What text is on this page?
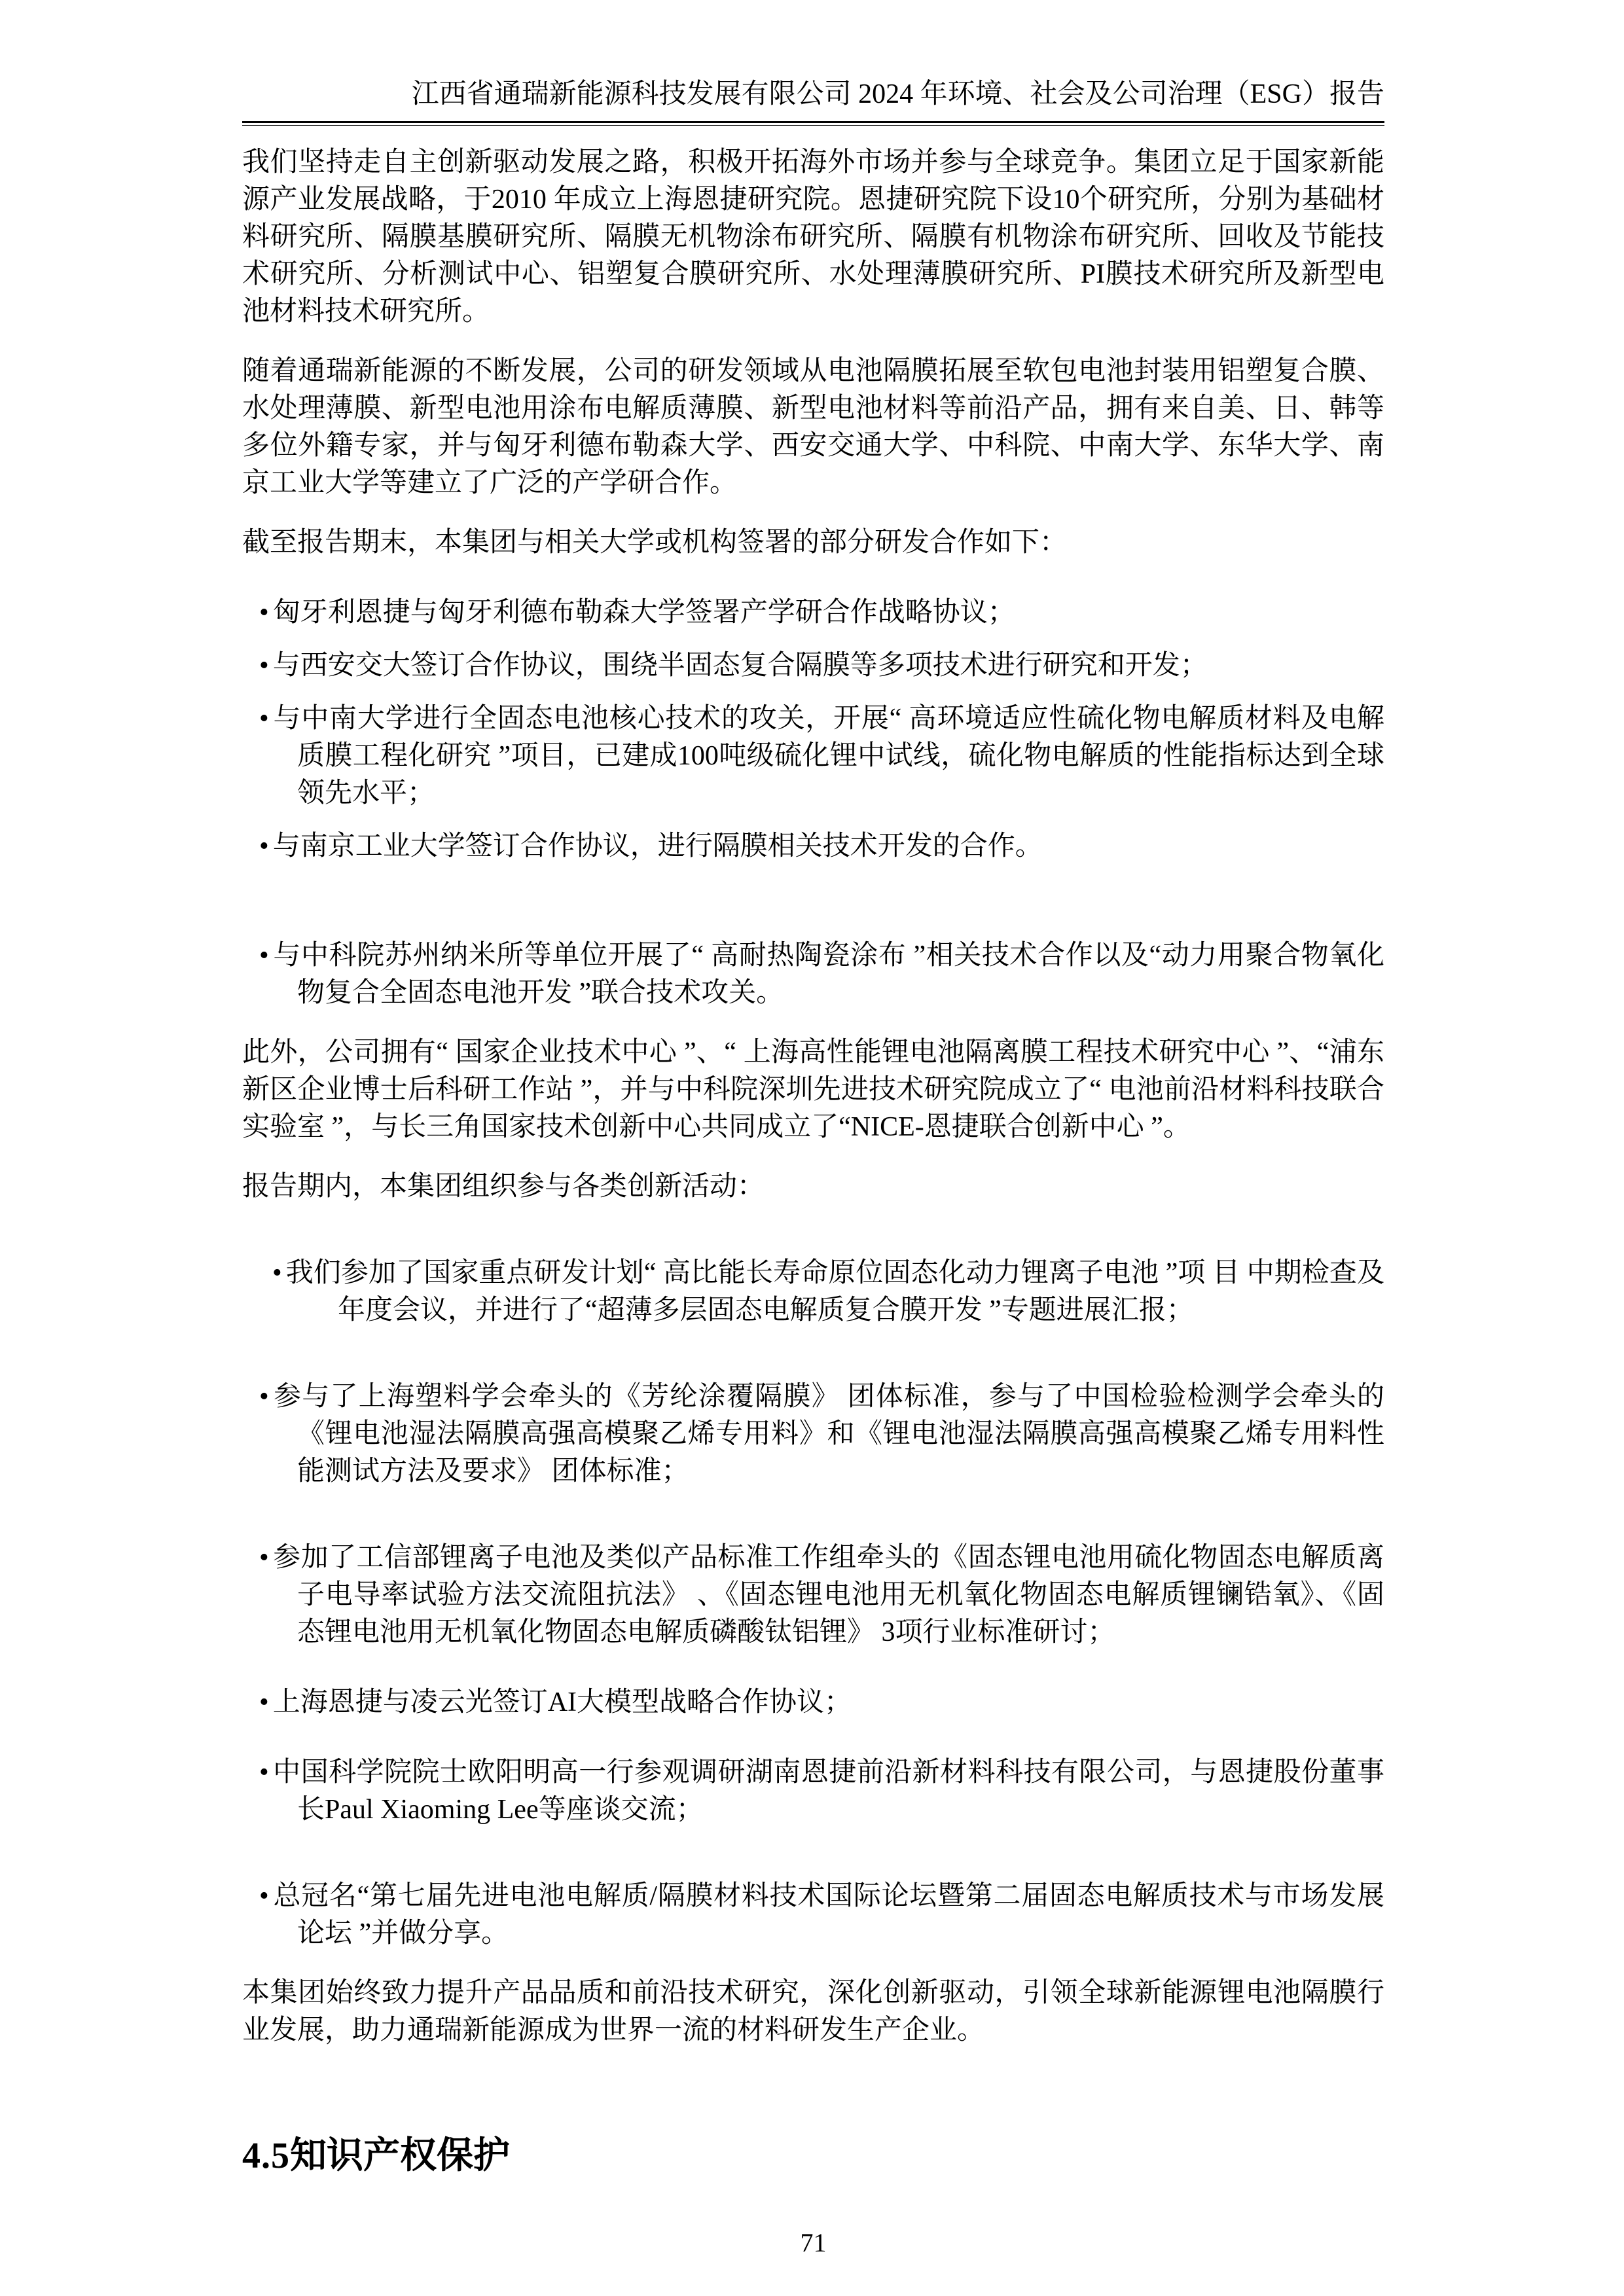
江西省通瑞新能源科技发展有限公司 2024 年环境、社会及公司治理（ESG）报告
我们坚持走自主创新驱动发展之路，积极开拓海外市场并参与全球竞争。集团立足于国家新能源产业发展战略，于2010 年成立上海恩捷研究院。恩捷研究院下设10个研究所，分别为基础材料研究所、隔膜基膜研究所、隔膜无机物涂布研究所、隔膜有机物涂布研究所、回收及节能技术研究所、分析测试中心、铝塑复合膜研究所、水处理薄膜研究所、PI膜技术研究所及新型电池材料技术研究所。
随着通瑞新能源的不断发展，公司的研发领域从电池隔膜拓展至软包电池封装用铝塑复合膜、水处理薄膜、新型电池用涂布电解质薄膜、新型电池材料等前沿产品，拥有来自美、日、韩等多位外籍专家，并与匈牙利德布勒森大学、西安交通大学、中科院、中南大学、东华大学、南京工业大学等建立了广泛的产学研合作。
截至报告期末，本集团与相关大学或机构签署的部分研发合作如下：
• 匈牙利恩捷与匈牙利德布勒森大学签署产学研合作战略协议；
• 与西安交大签订合作协议，围绕半固态复合隔膜等多项技术进行研究和开发；
• 与中南大学进行全固态电池核心技术的攻关，开展“ 高环境适应性硫化物电解质材料及电解质膜工程化研究 ”项目，已建成100吨级硫化锂中试线，硫化物电解质的性能指标达到全球领先水平；
• 与南京工业大学签订合作协议，进行隔膜相关技术开发的合作。
• 与中科院苏州纳米所等单位开展了“ 高耐热陶瓷涂布 ”相关技术合作以及“动力用聚合物氧化物复合全固态电池开发 ”联合技术攻关。
此外，公司拥有“ 国家企业技术中心 ”、“ 上海高性能锂电池隔离膜工程技术研究中心 ”、“浦东新区企业博士后科研工作站 ”，并与中科院深圳先进技术研究院成立了“ 电池前沿材料科技联合实验室 ”，与长三角国家技术创新中心共同成立了“NICE-恩捷联合创新中心 ”。
报告期内，本集团组织参与各类创新活动：
• 我们参加了国家重点研发计划“ 高比能长寿命原位固态化动力锂离子电池 ”项 目 中期检查及年度会议，并进行了“超薄多层固态电解质复合膜开发 ”专题进展汇报；
• 参与了上海塑料学会牵头的《芳纶涂覆隔膜》 团体标准，参与了中国检验检测学会牵头的《锂电池湿法隔膜高强高模聚乙烯专用料》和《锂电池湿法隔膜高强高模聚乙烯专用料性能测试方法及要求》 团体标准；
• 参加了工信部锂离子电池及类似产品标准工作组牵头的《固态锂电池用硫化物固态电解质离子电导率试验方法交流阻抗法》 、《固态锂电池用无机氧化物固态电解质锂镧锆氧》、《固态锂电池用无机氧化物固态电解质磷酸钛铝锂》 3项行业标准研讨；
• 上海恩捷与凌云光签订AI大模型战略合作协议；
• 中国科学院院士欧阳明高一行参观调研湖南恩捷前沿新材料科技有限公司，与恩捷股份董事长Paul Xiaoming Lee等座谈交流；
• 总冠名“第七届先进电池电解质/隔膜材料技术国际论坛暨第二届固态电解质技术与市场发展论坛 ”并做分享。
本集团始终致力提升产品品质和前沿技术研究，深化创新驱动，引领全球新能源锂电池隔膜行业发展，助力通瑞新能源成为世界一流的材料研发生产企业。
4.5知识产权保护
71
